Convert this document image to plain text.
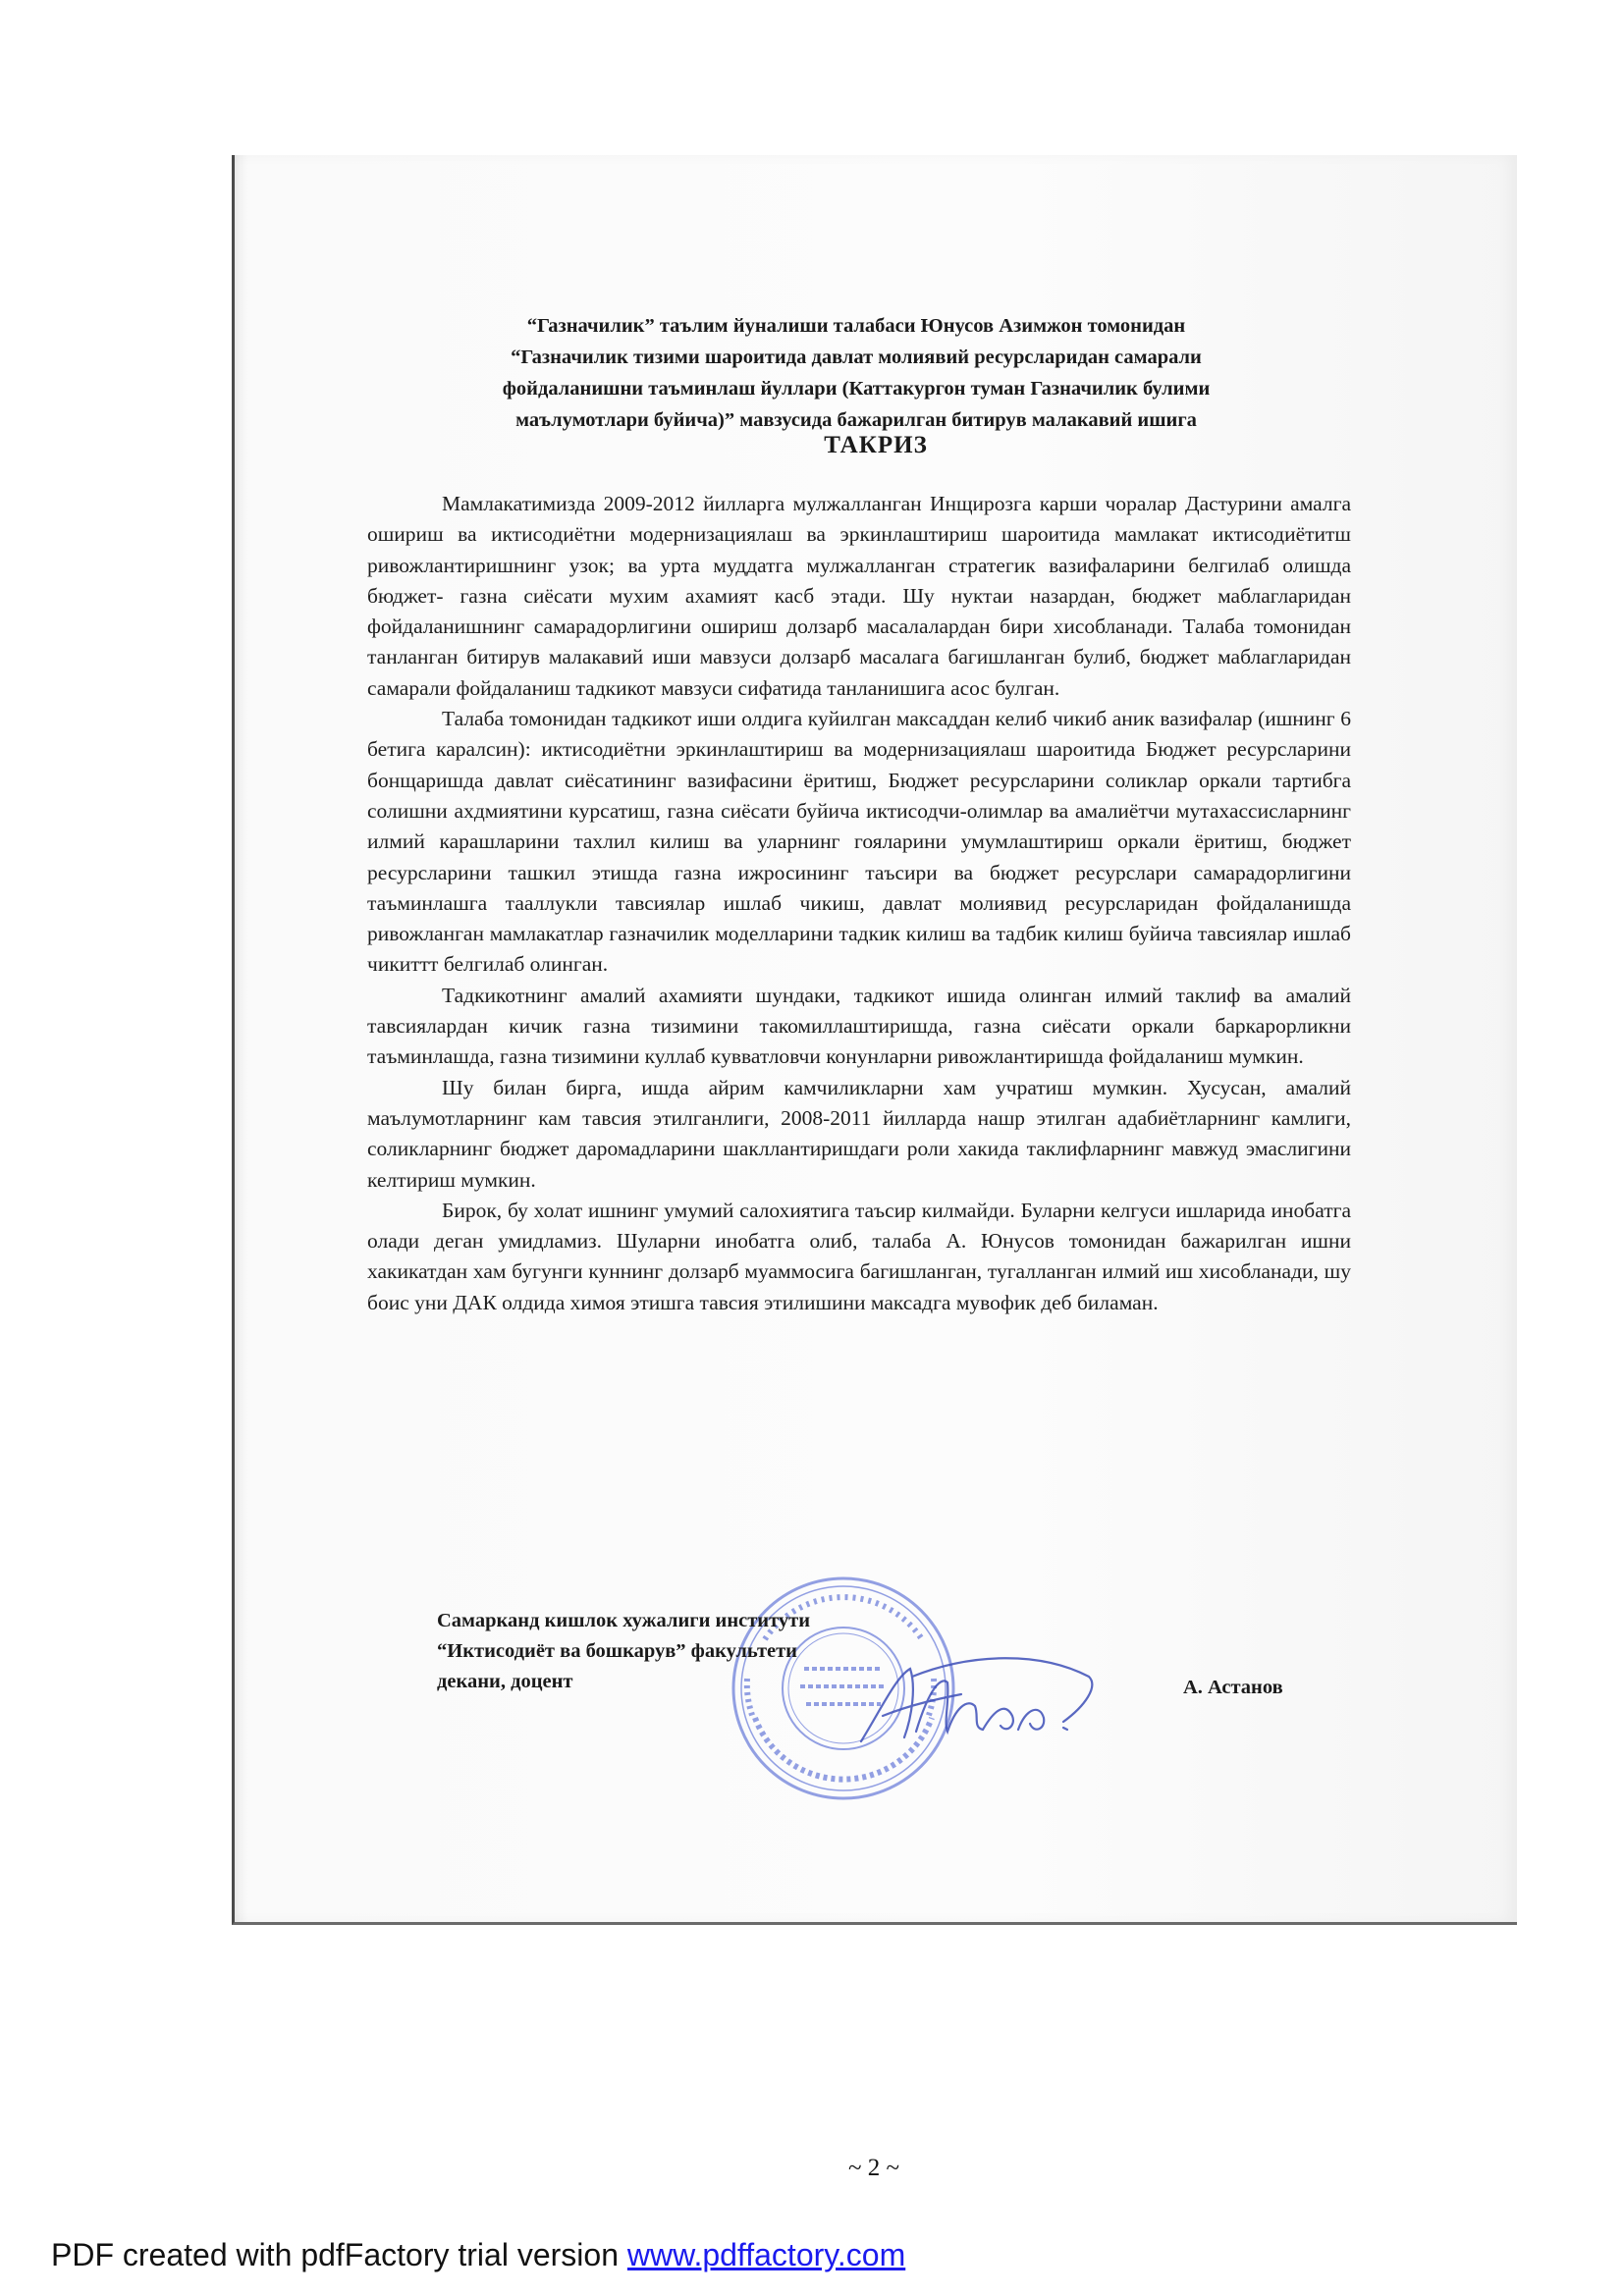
“Газначилик” таълим йуналиши талабаси Юнусов Азимжон томонидан
“Газначилик тизими шароитида давлат молиявий ресурсларидан самарали
фойдаланишни таъминлаш йуллари (Каттакургон туман Газначилик булими
маълумотлари буйича)” мавзусида бажарилган битирув малакавий ишига
ТАКРИЗ

Мамлакатимизда 2009-2012 йилларга мулжалланган Инщирозга карши чоралар Дастурини амалга ошириш ва иктисодиётни модернизациялаш ва эркинлаштириш шароитида мамлакат иктисодиётитш ривожлантиришнинг узок; ва урта муддатга мулжалланган стратегик вазифаларини белгилаб олишда бюджет- газна сиёсати мухим ахамият касб этади. Шу нуктаи назардан, бюджет маблагларидан фойдаланишнинг самарадорлигини ошириш долзарб масалалардан бири хисобланади. Талаба томонидан танланган битирув малакавий иши мавзуси долзарб масалага багишланган булиб, бюджет маблагларидан самарали фойдаланиш тадкикот мавзуси сифатида танланишига асос булган.

Талаба томонидан тадкикот иши олдига куйилган максаддан келиб чикиб аник вазифалар (ишнинг 6 бетига каралсин): иктисодиётни эркинлаштириш ва модернизациялаш шароитида Бюджет ресурсларини бонщаришда давлат сиёсатининг вазифасини ёритиш, Бюджет ресурсларини соликлар оркали тартибга солишни ахдмиятини курсатиш, газна сиёсати буйича иктисодчи-олимлар ва амалиётчи мутахассисларнинг илмий карашларини тахлил килиш ва уларнинг гояларини умумлаштириш оркали ёритиш, бюджет ресурсларини ташкил этишда газна ижросининг таъсири ва бюджет ресурслари самарадорлигини таъминлашга тааллукли тавсиялар ишлаб чикиш, давлат молиявид ресурсларидан фойдаланишда ривожланган мамлакатлар газначилик моделларини тадкик килиш ва тадбик килиш буйича тавсиялар ишлаб чикиттт белгилаб олинган.

Тадкикотнинг амалий ахамияти шундаки, тадкикот ишида олинган илмий таклиф ва амалий тавсиялардан кичик газна тизимини такомиллаштиришда, газна сиёсати оркали баркарорликни таъминлашда, газна тизимини куллаб кувватловчи конунларни ривожлантиришда фойдаланиш мумкин.

Шу билан бирга, ишда айрим камчиликларни хам учратиш мумкин. Хусусан, амалий маълумотларнинг кам тавсия этилганлиги, 2008-2011 йилларда нашр этилган адабиётларнинг камлиги, соликларнинг бюджет даромадларини шакллантиришдаги роли хакида таклифларнинг мавжуд эмаслигини келтириш мумкин.

Бирок, бу холат ишнинг умумий салохиятига таъсир килмайди. Буларни келгуси ишларида инобатга олади деган умидламиз. Шуларни инобатга олиб, талаба А. Юнусов томонидан бажарилган ишни хакикатдан хам бугунги куннинг долзарб муаммосига багишланган, тугалланган илмий иш хисобланади, шу боис уни ДАК олдида химоя этишга тавсия этилишини максадга мувофик деб биламан.

Самарканд кишлок хужалиги институти
“Иктисодиёт ва бошкарув” факультети
декани, доцент	А. Астанов
~ 2 ~
PDF created with pdfFactory trial version www.pdffactory.com
